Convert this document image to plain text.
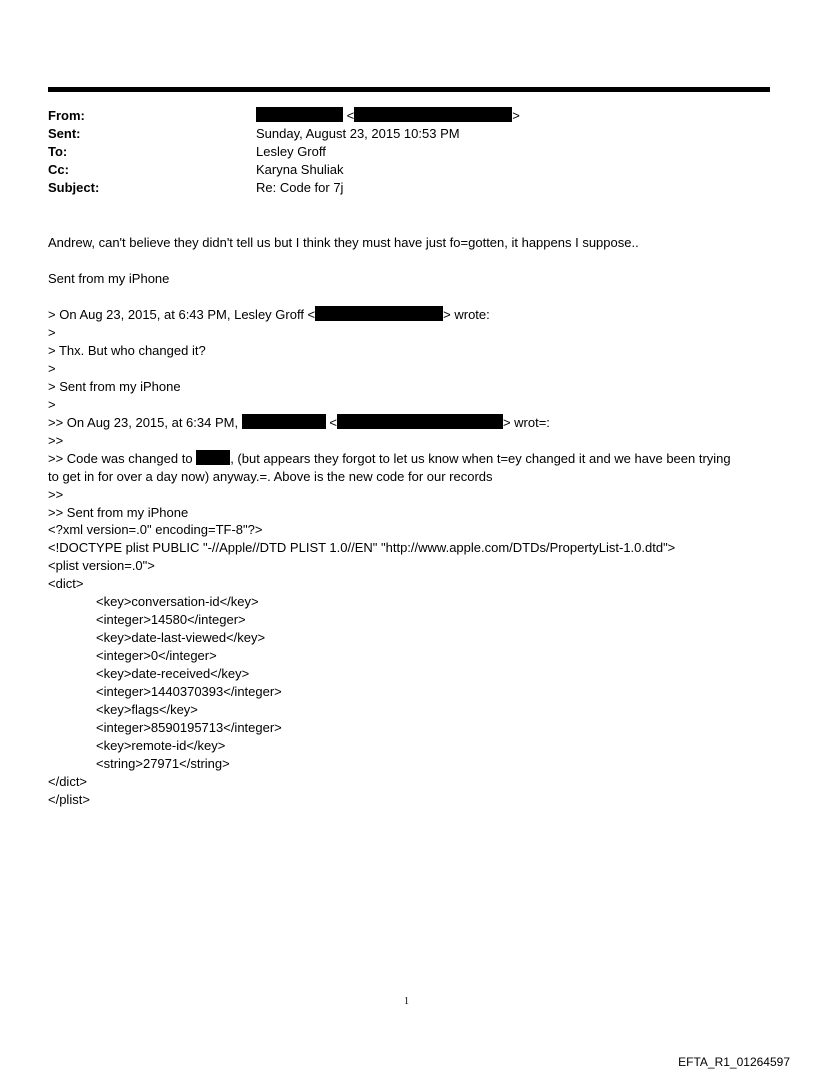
From:	<	>
Sent:	Sunday, August 23, 2015 10:53 PM
To:	Lesley Groff
Cc:	Karyna Shuliak
Subject:	Re: Code for 7j
Andrew, can't believe they didn't tell us but I think they must have just fo=gotten, it happens I suppose..
Sent from my iPhone
> On Aug 23, 2015, at 6:43 PM, Lesley Groff <	> wrote:
>
> Thx. But who changed it?
>
> Sent from my iPhone
>
>> On Aug 23, 2015, at 6:34 PM,	<	> wrot=:
>>
>> Code was changed to	, (but appears they forgot to let us know when t=ey changed it and we have been trying
to get in for over a day now) anyway.=. Above is the new code for our records
>>
>> Sent from my iPhone
<?xml version=.0" encoding=TF-8"?>
<!DOCTYPE plist PUBLIC "-//Apple//DTD PLIST 1.0//EN" "http://www.apple.com/DTDs/PropertyList-1.0.dtd">
<plist version=.0">
<dict>
<key>conversation-id</key>
<integer>14580</integer>
<key>date-last-viewed</key>
<integer>0</integer>
<key>date-received</key>
<integer>1440370393</integer>
<key>flags</key>
<integer>8590195713</integer>
<key>remote-id</key>
<string>27971</string>
</dict>
</plist>
1
EFTA_R1_01264597
